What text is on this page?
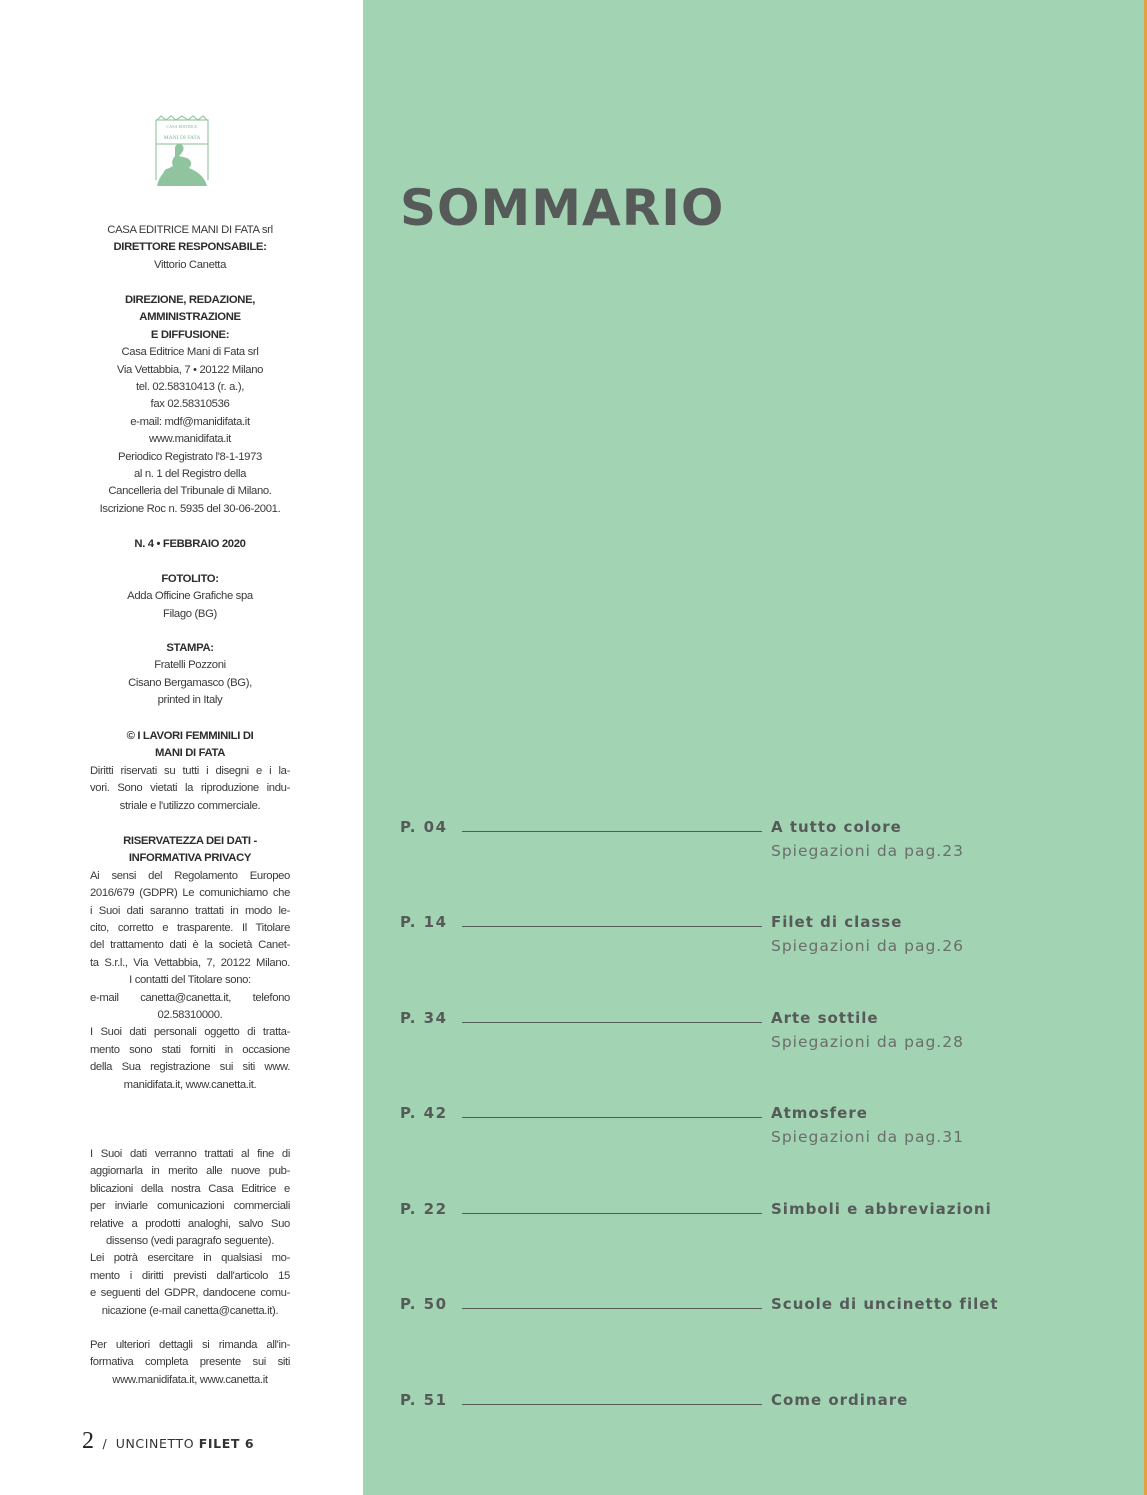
CASA EDITRICE
MANI DI FATA
CASA EDITRICE MANI DI FATA srl
DIRETTORE RESPONSABILE:
Vittorio Canetta
DIREZIONE, REDAZIONE,
AMMINISTRAZIONE
E DIFFUSIONE:
Casa Editrice Mani di Fata srl
Via Vettabbia, 7 • 20122 Milano
tel. 02.58310413 (r. a.),
fax 02.58310536
e-mail: mdf@manidifata.it
www.manidifata.it
Periodico Registrato l'8-1-1973
al n. 1 del Registro della
Cancelleria del Tribunale di Milano.
Iscrizione Roc n. 5935 del 30-06-2001.
N. 4 • FEBBRAIO 2020
FOTOLITO:
Adda Officine Grafiche spa
Filago (BG)
STAMPA:
Fratelli Pozzoni
Cisano Bergamasco (BG),
printed in Italy
© I LAVORI FEMMINILI DI
MANI DI FATA
Diritti riservati su tutti i disegni e i la-
vori. Sono vietati la riproduzione indu-
striale e l'utilizzo commerciale.
RISERVATEZZA DEI DATI -
INFORMATIVA PRIVACY
Ai sensi del Regolamento Europeo
2016/679 (GDPR) Le comunichiamo che
i Suoi dati saranno trattati in modo le-
cito, corretto e trasparente. Il Titolare
del trattamento dati è la società Canet-
ta S.r.l., Via Vettabbia, 7, 20122 Milano.
I contatti del Titolare sono:
e-mail canetta@canetta.it, telefono
02.58310000.
I Suoi dati personali oggetto di tratta-
mento sono stati forniti in occasione
della Sua registrazione sui siti www.
manidifata.it, www.canetta.it.
I Suoi dati verranno trattati al fine di
aggiornarla in merito alle nuove pub-
blicazioni della nostra Casa Editrice e
per inviarle comunicazioni commerciali
relative a prodotti analoghi, salvo Suo
dissenso (vedi paragrafo seguente).
Lei potrà esercitare in qualsiasi mo-
mento i diritti previsti dall'articolo 15
e seguenti del GDPR, dandocene comu-
nicazione (e-mail canetta@canetta.it).
Per ulteriori dettagli si rimanda all'in-
formativa completa presente sui siti
www.manidifata.it, www.canetta.it
SOMMARIO
P. 04	A tutto colore
Spiegazioni da pag.23
P. 14	Filet di classe
Spiegazioni da pag.26
P. 34	Arte sottile
Spiegazioni da pag.28
P. 42	Atmosfere
Spiegazioni da pag.31
P. 22	Simboli e abbreviazioni
P. 50	Scuole di uncinetto filet
P. 51	Come ordinare
2 / UNCINETTO FILET 6
